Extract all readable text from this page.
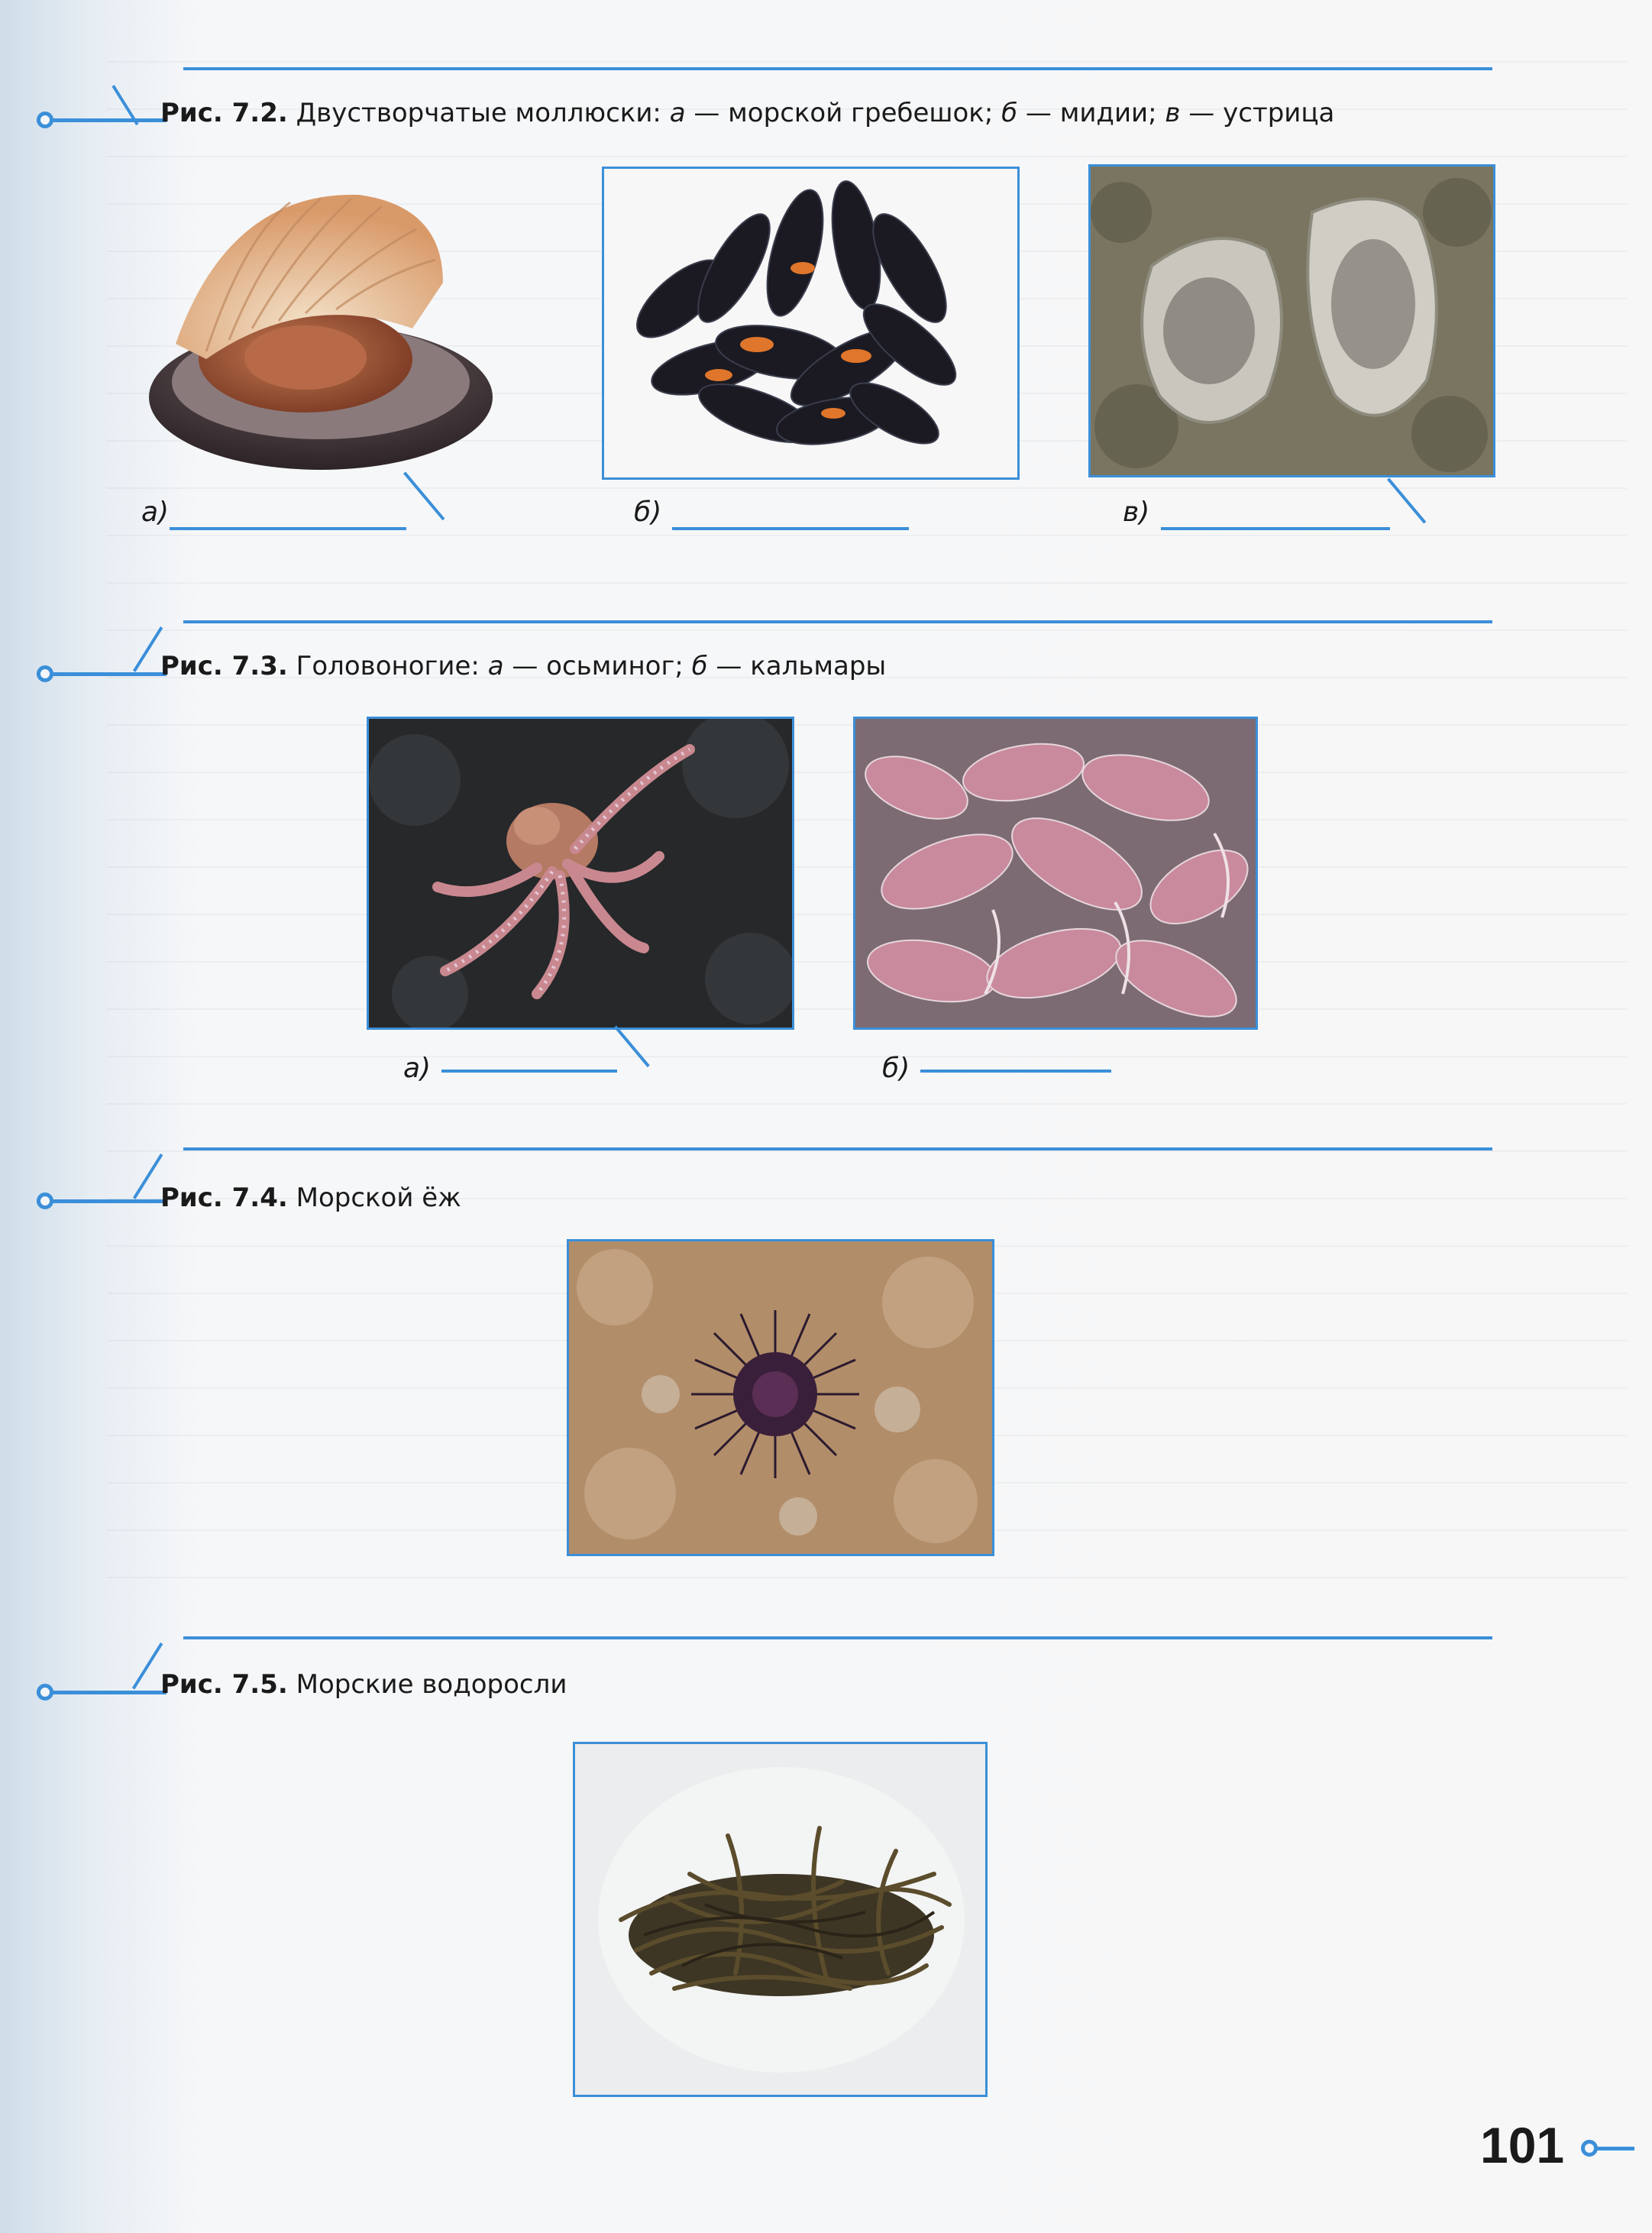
Рис. 7.2. Двустворчатые моллюски: а — морской гребешок; б — мидии; в — устрица
а)	б)	в)
Рис. 7.3. Головоногие: а — осьминог; б — кальмары
а)	б)
Рис. 7.4. Морской ёж
Рис. 7.5. Морские водоросли
101
